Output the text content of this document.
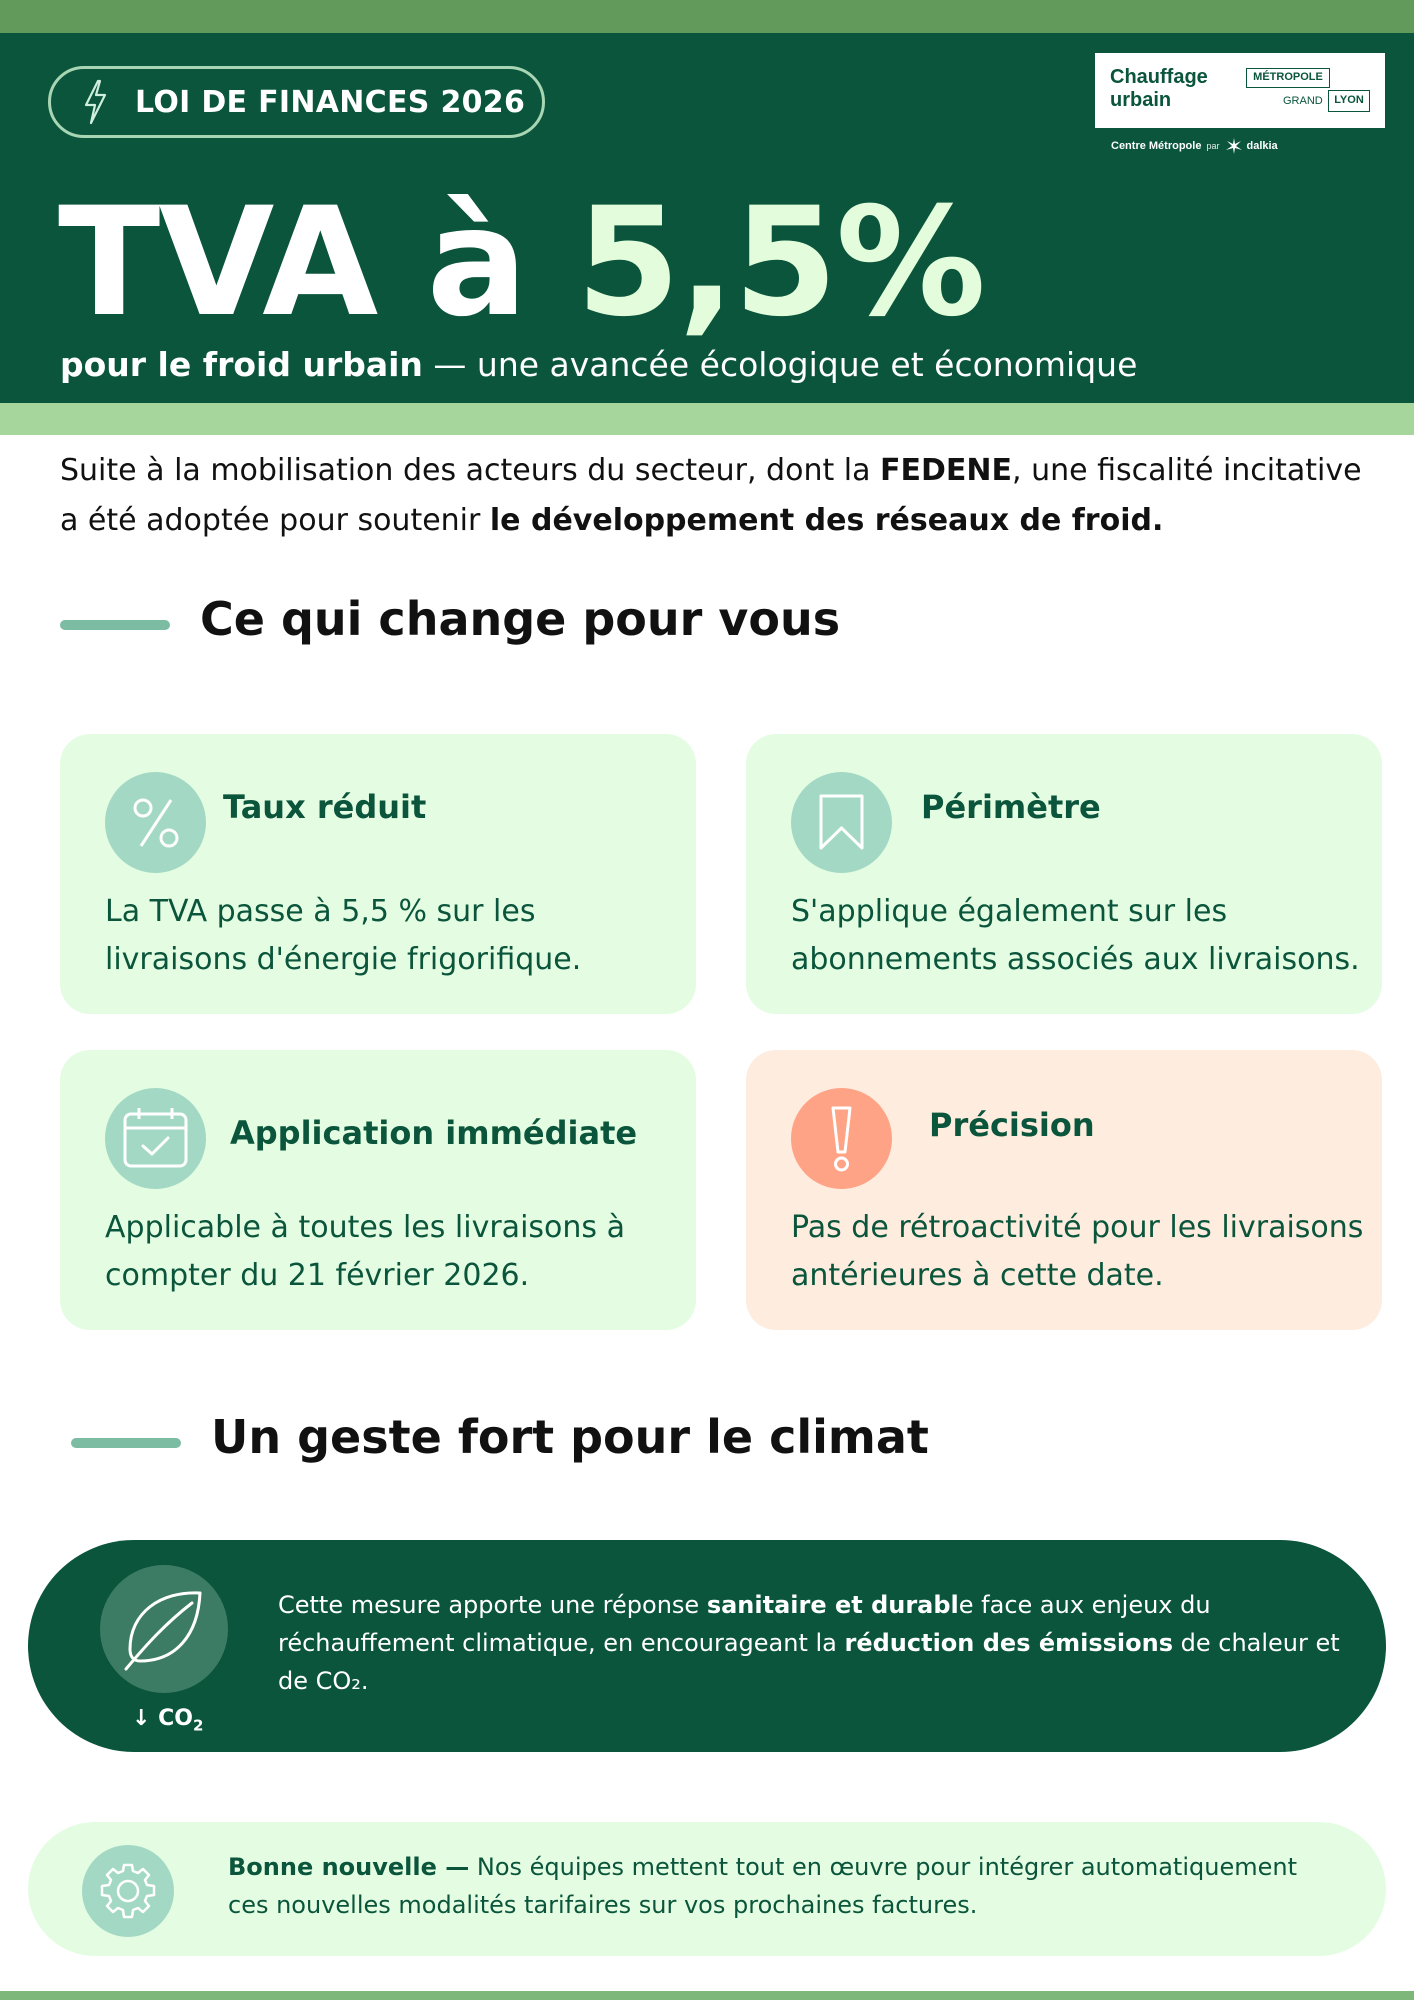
LOI DE FINANCES 2026
Chauffage
urbain
MÉTROPOLE
GRAND	LYON
Centre Métropole par dalkia
TVA à 5,5%
pour le froid urbain — une avancée écologique et économique
Suite à la mobilisation des acteurs du secteur, dont la FEDENE, une fiscalité incitative a été adoptée pour soutenir le développement des réseaux de froid.
Ce qui change pour vous
Taux réduit
La TVA passe à 5,5 % sur les livraisons d'énergie frigorifique.
Périmètre
S'applique également sur les abonnements associés aux livraisons.
Application immédiate
Applicable à toutes les livraisons à compter du 21 février 2026.
Précision
Pas de rétroactivité pour les livraisons antérieures à cette date.
Un geste fort pour le climat
↓ $CO_2$
Cette mesure apporte une réponse sanitaire et durable face aux enjeux du réchauffement climatique, en encourageant la réduction des émissions de chaleur et de CO₂.
Bonne nouvelle — Nos équipes mettent tout en œuvre pour intégrer automatiquement ces nouvelles modalités tarifaires sur vos prochaines factures.
